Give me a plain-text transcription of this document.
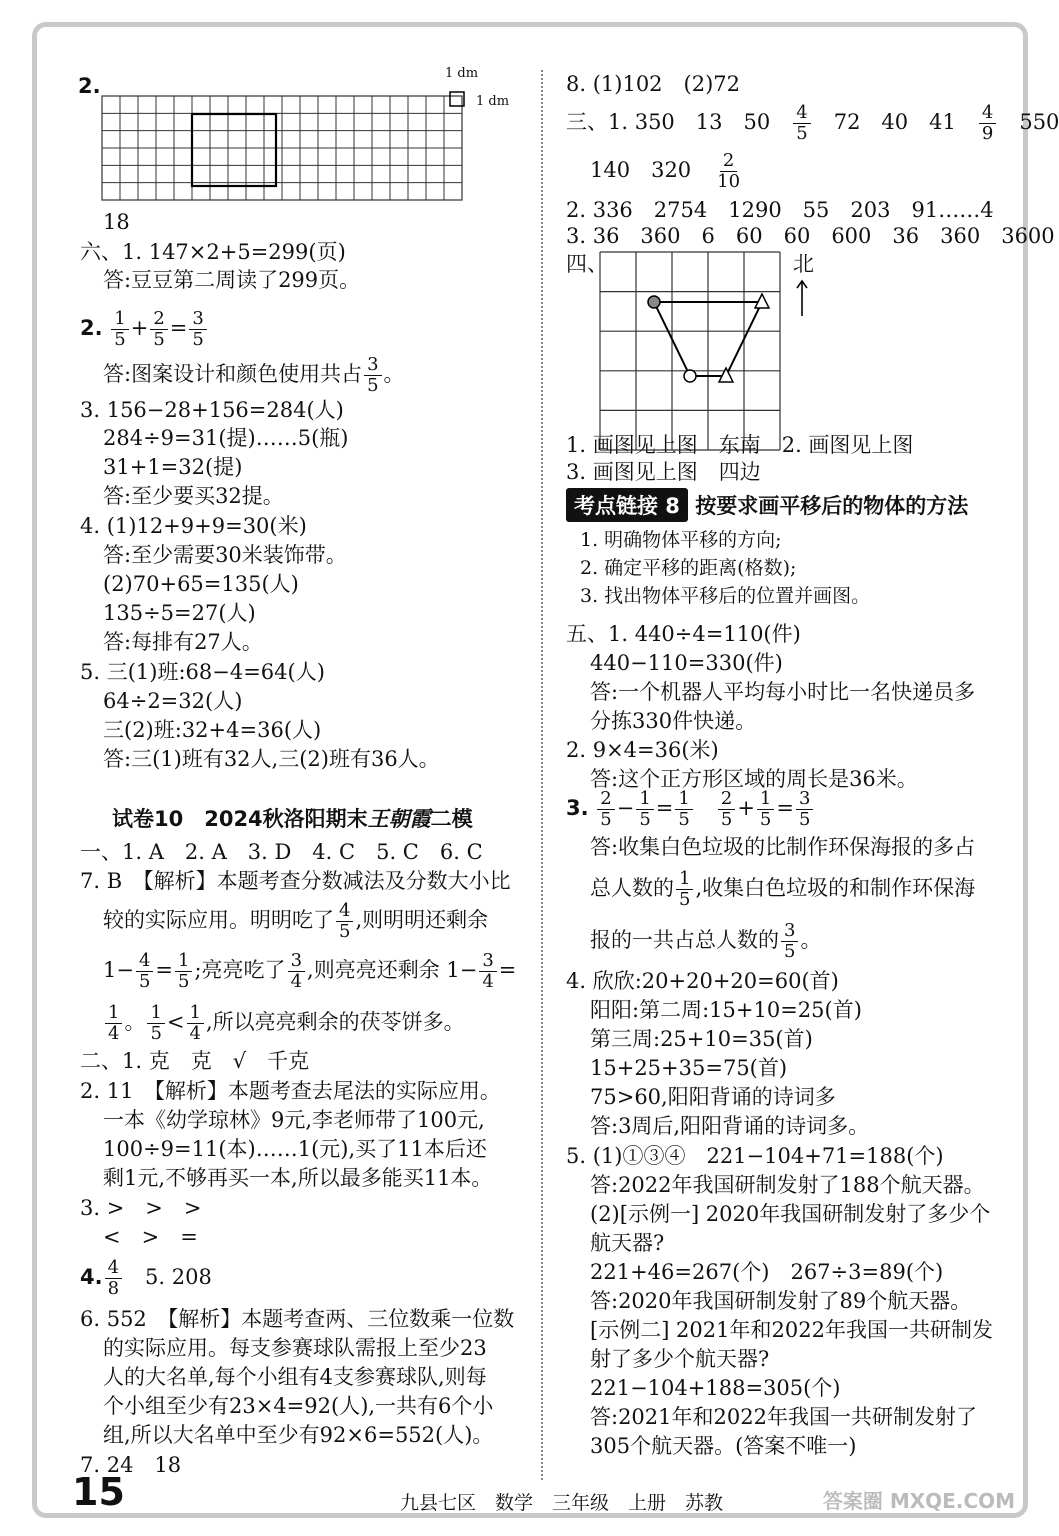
2.
1 dm
1 dm
18
六、1. 147×2+5=299(页)
答:豆豆第二周读了299页。
2. $\frac{1}{5} + \frac{2}{5} = \frac{3}{5}$
答:图案设计和颜色使用共占 $\frac{3}{5}$ 。
3. 156−28+156=284(人)
284÷9=31(提)……5(瓶)
31+1=32(提)
答:至少要买32提。
4. (1)12+9+9=30(米)
答:至少需要30米装饰带。
(2)70+65=135(人)
135÷5=27(人)
答:每排有27人。
5. 三(1)班:68−4=64(人)
64÷2=32(人)
三(2)班:32+4=36(人)
答:三(1)班有32人,三(2)班有36人。
试卷10　2024秋洛阳期末王朝霞二模
一、1. A　2. A　3. D　4. C　5. C　6. C
7. B　【解析】本题考查分数减法及分数大小比
较的实际应用。明明吃了 $\frac{4}{5}$ ,则明明还剩余
$1- \frac{4}{5} = \frac{1}{5}$ ;亮亮吃了 $\frac{3}{4}$ ,则亮亮还剩余 $1- \frac{3}{4}$ =
$\frac{1}{4}$ 。 $\frac{1}{5} < \frac{1}{4}$ ,所以亮亮剩余的茯苓饼多。
二、1. 克　克　√　千克
2. 11　【解析】本题考查去尾法的实际应用。
一本《幼学琼林》9元,李老师带了100元,
100÷9=11(本)……1(元),买了11本后还
剩1元,不够再买一本,所以最多能买11本。
3. >　>　>
<　>　=
4. $\frac{4}{8}$
　 5. 208
6. 552　【解析】本题考查两、三位数乘一位数
的实际应用。每支参赛球队需报上至少23
人的大名单,每个小组有4支参赛球队,则每
个小组至少有23×4=92(人),一共有6个小
组,所以大名单中至少有92×6=552(人)。
7. 24　18
8. (1)102　(2)72
三、1. 350　13　50　 $\frac{4}{5}$
　 72　40　41　 $\frac{4}{9}$
　 550
140　320　 $\frac{2}{10}$
2. 336　2754　1290　55　203　91……4
3. 36　360　6　60　60　600　36　360　3600
四、	北
1. 画图见上图　东南　2. 画图见上图
3. 画图见上图　四边
考点链接 8 按要求画平移后的物体的方法
1. 明确物体平移的方向;
2. 确定平移的距离(格数);
3. 找出物体平移后的位置并画图。
五、1. 440÷4=110(件)
440−110=330(件)
答:一个机器人平均每小时比一名快递员多
分拣330件快递。
2. 9×4=36(米)
答:这个正方形区域的周长是36米。
3. $\frac{2}{5} - \frac{1}{5} = \frac{1}{5}$
　 $\frac{2}{5} + \frac{1}{5} = \frac{3}{5}$
答:收集白色垃圾的比制作环保海报的多占
总人数的 $\frac{1}{5}$ ,收集白色垃圾的和制作环保海
报的一共占总人数的 $\frac{3}{5}$ 。
4. 欣欣:20+20+20=60(首)
阳阳:第二周:15+10=25(首)
第三周:25+10=35(首)
15+25+35=75(首)
75>60,阳阳背诵的诗词多
答:3周后,阳阳背诵的诗词多。
5. (1)①③④　221−104+71=188(个)
答:2022年我国研制发射了188个航天器。
(2)[示例一] 2020年我国研制发射了多少个
航天器?
221+46=267(个)　267÷3=89(个)
答:2020年我国研制发射了89个航天器。
[示例二] 2021年和2022年我国一共研制发
射了多少个航天器?
221−104+188=305(个)
答:2021年和2022年我国一共研制发射了
305个航天器。(答案不唯一)
15	九县七区　数学　三年级　上册　苏教	答案圈 MXQE.COM
